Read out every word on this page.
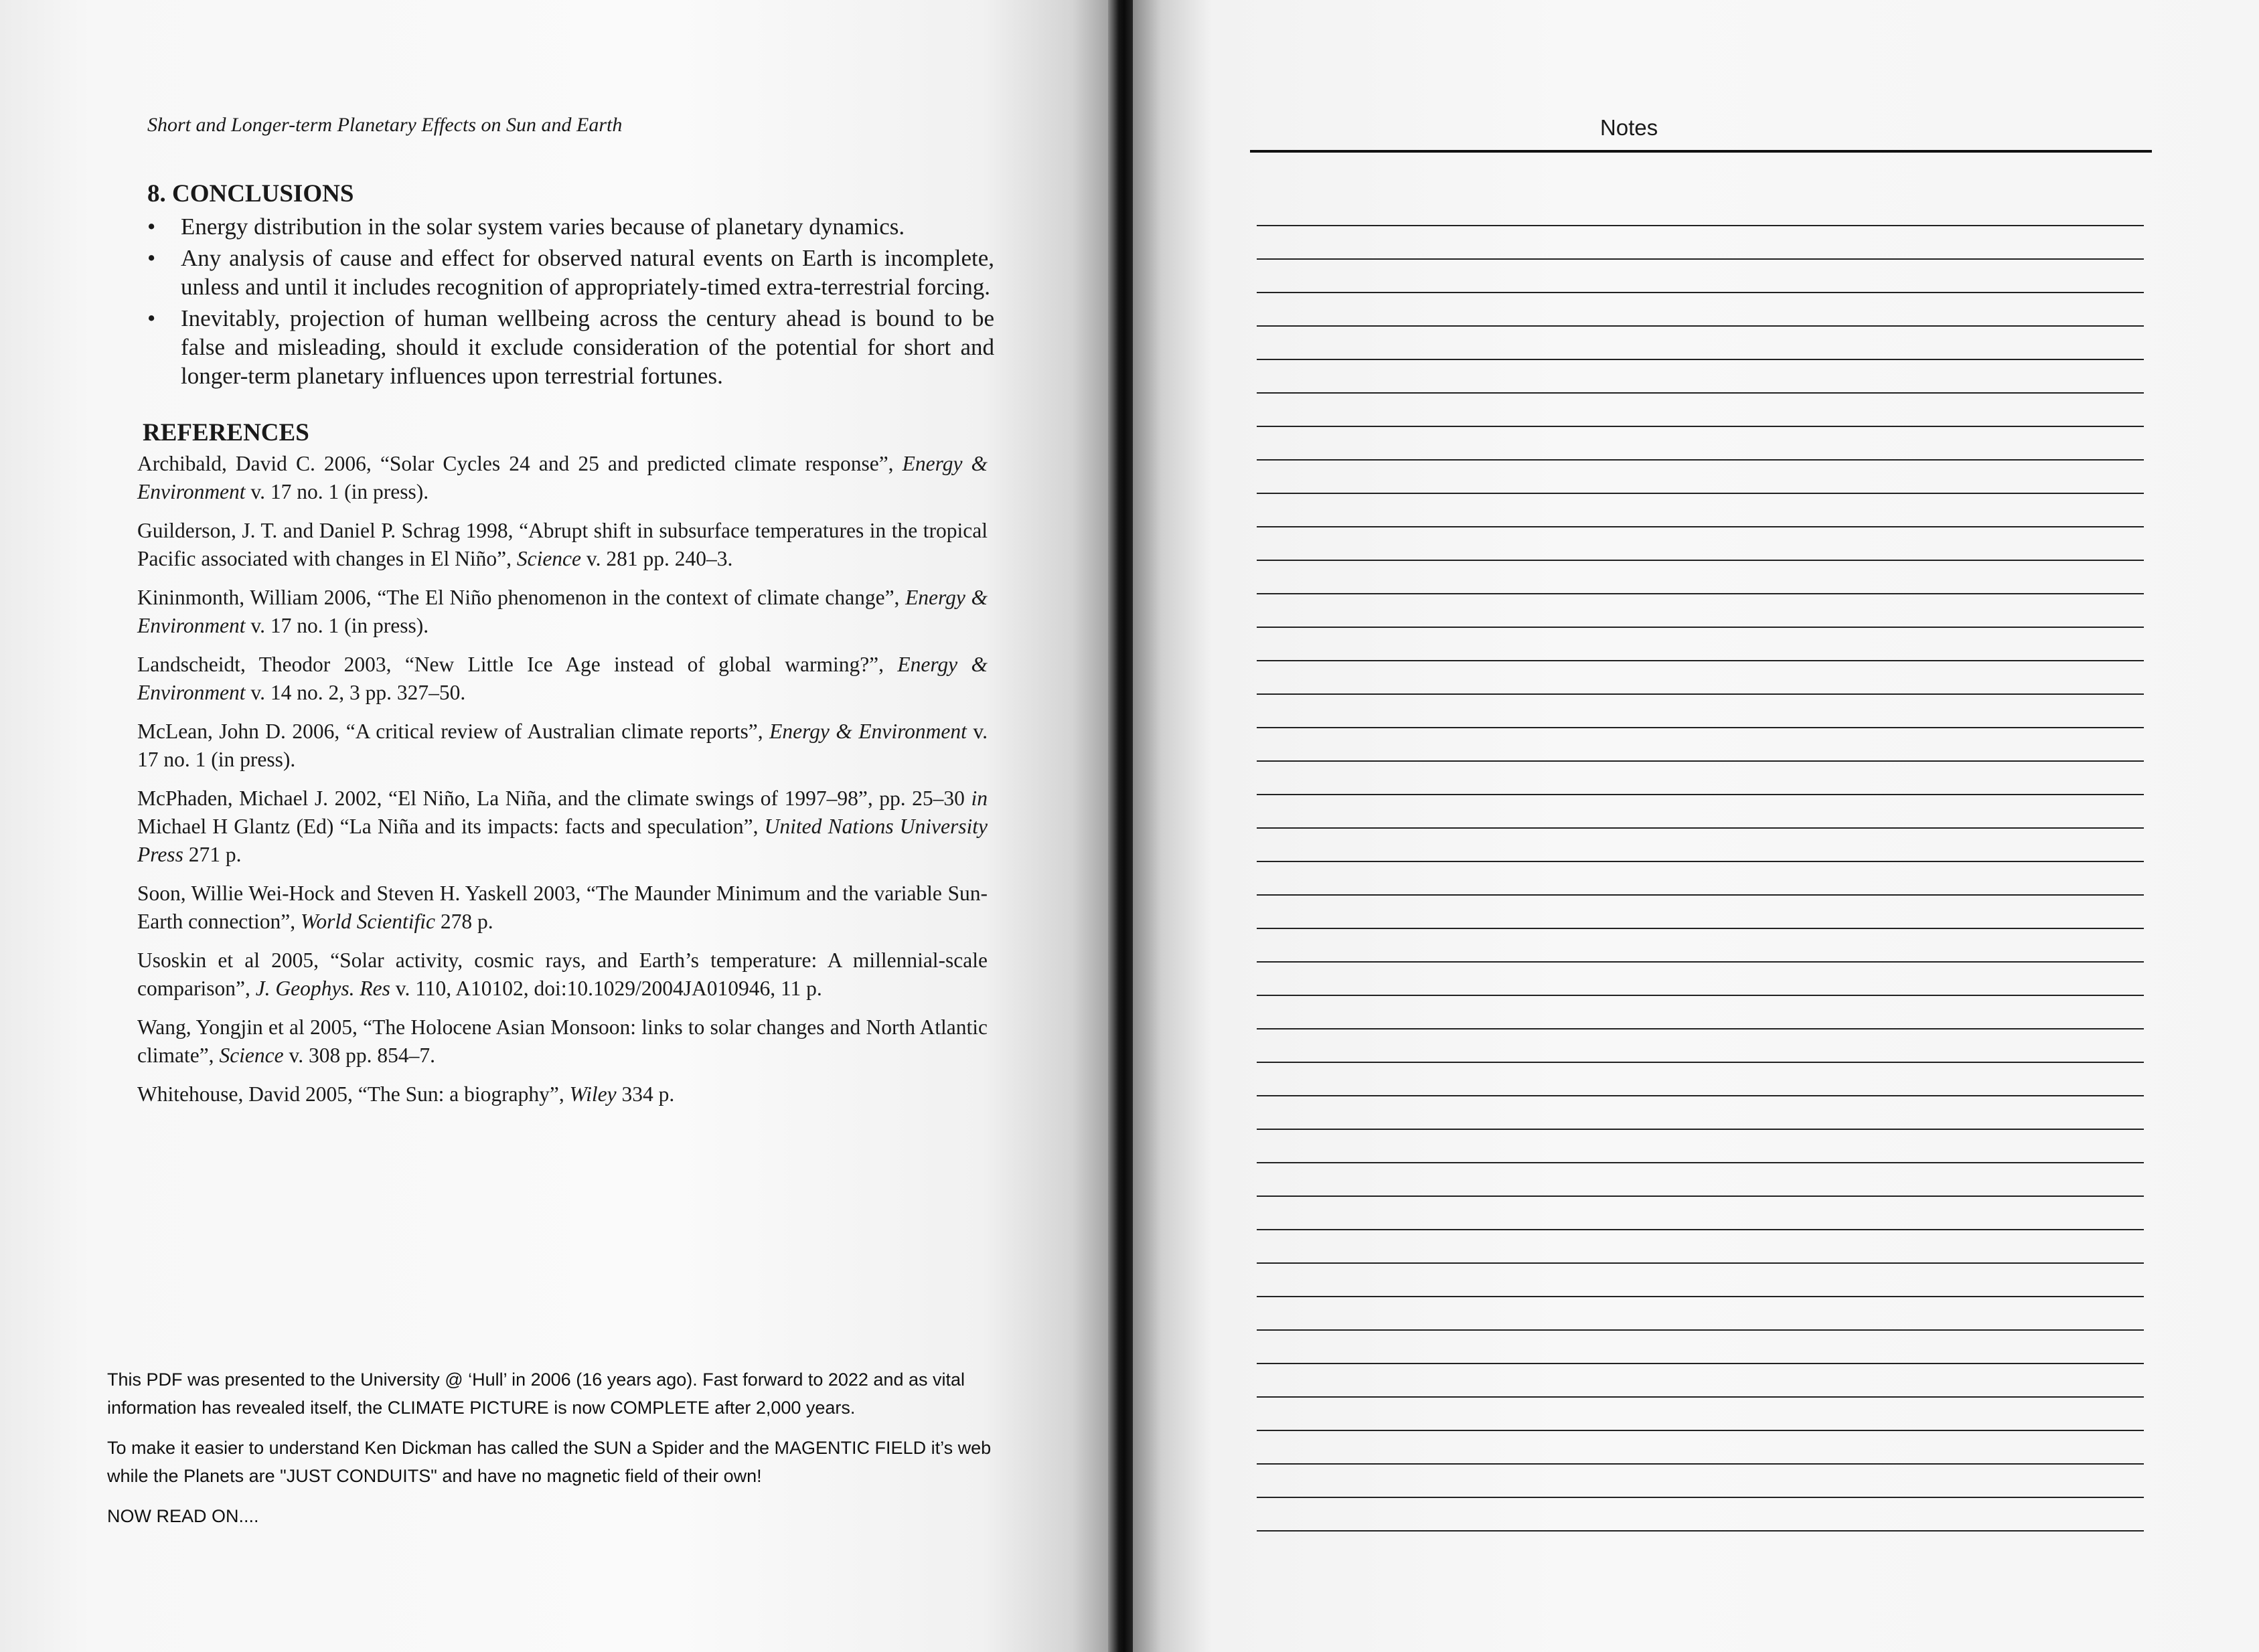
Short and Longer-term Planetary Effects on Sun and Earth
8. CONCLUSIONS
• Energy distribution in the solar system varies because of planetary dynamics.
• Any analysis of cause and effect for observed natural events on Earth is incomplete, unless and until it includes recognition of appropriately-timed extra-terrestrial forcing.
• Inevitably, projection of human wellbeing across the century ahead is bound to be false and misleading, should it exclude consideration of the potential for short and longer-term planetary influences upon terrestrial fortunes.
REFERENCES

Archibald, David C. 2006, “Solar Cycles 24 and 25 and predicted climate response”, Energy & Environment v. 17 no. 1 (in press).

Guilderson, J. T. and Daniel P. Schrag 1998, “Abrupt shift in subsurface temperatures in the tropical Pacific associated with changes in El Niño”, Science v. 281 pp. 240–3.

Kininmonth, William 2006, “The El Niño phenomenon in the context of climate change”, Energy & Environment v. 17 no. 1 (in press).

Landscheidt, Theodor 2003, “New Little Ice Age instead of global warming?”, Energy & Environment v. 14 no. 2, 3 pp. 327–50.

McLean, John D. 2006, “A critical review of Australian climate reports”, Energy & Environment v. 17 no. 1 (in press).

McPhaden, Michael J. 2002, “El Niño, La Niña, and the climate swings of 1997–98”, pp. 25–30 in Michael H Glantz (Ed) “La Niña and its impacts: facts and speculation”, United Nations University Press 271 p.

Soon, Willie Wei-Hock and Steven H. Yaskell 2003, “The Maunder Minimum and the variable Sun-Earth connection”, World Scientific 278 p.

Usoskin et al 2005, “Solar activity, cosmic rays, and Earth’s temperature: A millennial-scale comparison”, J. Geophys. Res v. 110, A10102, doi:10.1029/2004JA010946, 11 p.

Wang, Yongjin et al 2005, “The Holocene Asian Monsoon: links to solar changes and North Atlantic climate”, Science v. 308 pp. 854–7.

Whitehouse, David 2005, “The Sun: a biography”, Wiley 334 p.

This PDF was presented to the University @ ‘Hull’ in 2006 (16 years ago). Fast forward to 2022 and as vital information has revealed itself, the CLIMATE PICTURE is now COMPLETE after 2,000 years.

To make it easier to understand Ken Dickman has called the SUN a Spider and the MAGENTIC FIELD it’s web while the Planets are "JUST CONDUITS" and have no magnetic field of their own!

NOW READ ON....

Notes
